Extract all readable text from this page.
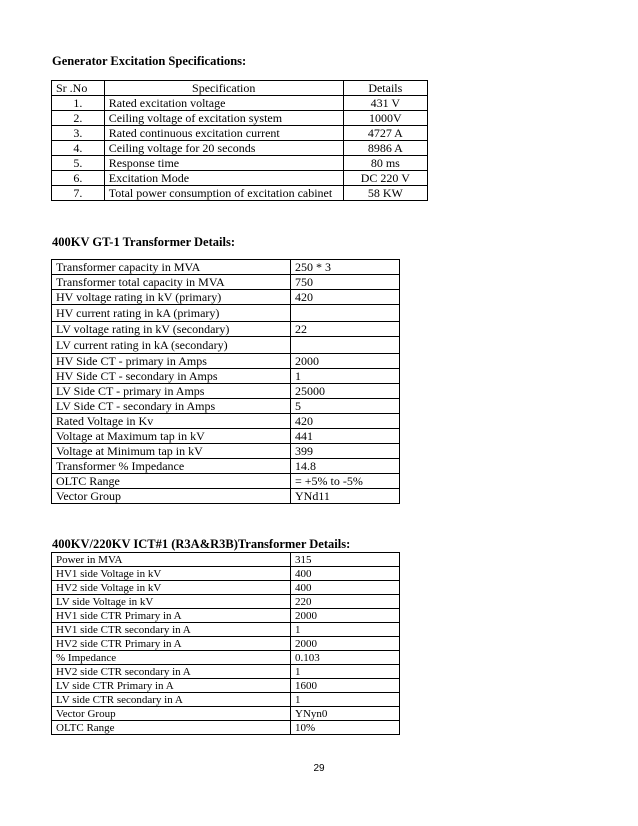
Generator Excitation Specifications:
Sr .No	Specification	Details
1.	Rated excitation voltage	431 V
2.	Ceiling voltage of excitation system	1000V
3.	Rated continuous excitation current	4727 A
4.	Ceiling voltage for 20 seconds	8986 A
5.	Response time	80 ms
6.	Excitation Mode	DC 220 V
7.	Total power consumption of excitation cabinet	58 KW
400KV GT-1 Transformer Details:
Transformer capacity in MVA	250 * 3
Transformer total capacity in MVA	750
HV voltage rating in kV (primary)	420
HV current rating in kA (primary)	
LV voltage rating in kV (secondary)	22
LV current rating in kA (secondary)	
HV Side CT - primary in Amps	2000
HV Side CT - secondary in Amps	1
LV Side CT - primary in Amps	25000
LV Side CT - secondary in Amps	5
Rated Voltage in Kv	420
Voltage at Maximum tap in kV	441
Voltage at Minimum tap in kV	399
Transformer % Impedance	14.8
OLTC Range	= +5% to -5%
Vector Group	YNd11
400KV/220KV ICT#1 (R3A&R3B)Transformer Details:
Power in MVA	315
HV1 side Voltage in kV	400
HV2 side Voltage in kV	400
LV side Voltage in kV	220
HV1 side CTR Primary in A	2000
HV1 side CTR secondary in A	1
HV2 side CTR Primary in A	2000
% Impedance	0.103
HV2 side CTR secondary in A	1
LV side CTR Primary in A	1600
LV side CTR secondary in A	1
Vector Group	YNyn0
OLTC Range	10%
29
